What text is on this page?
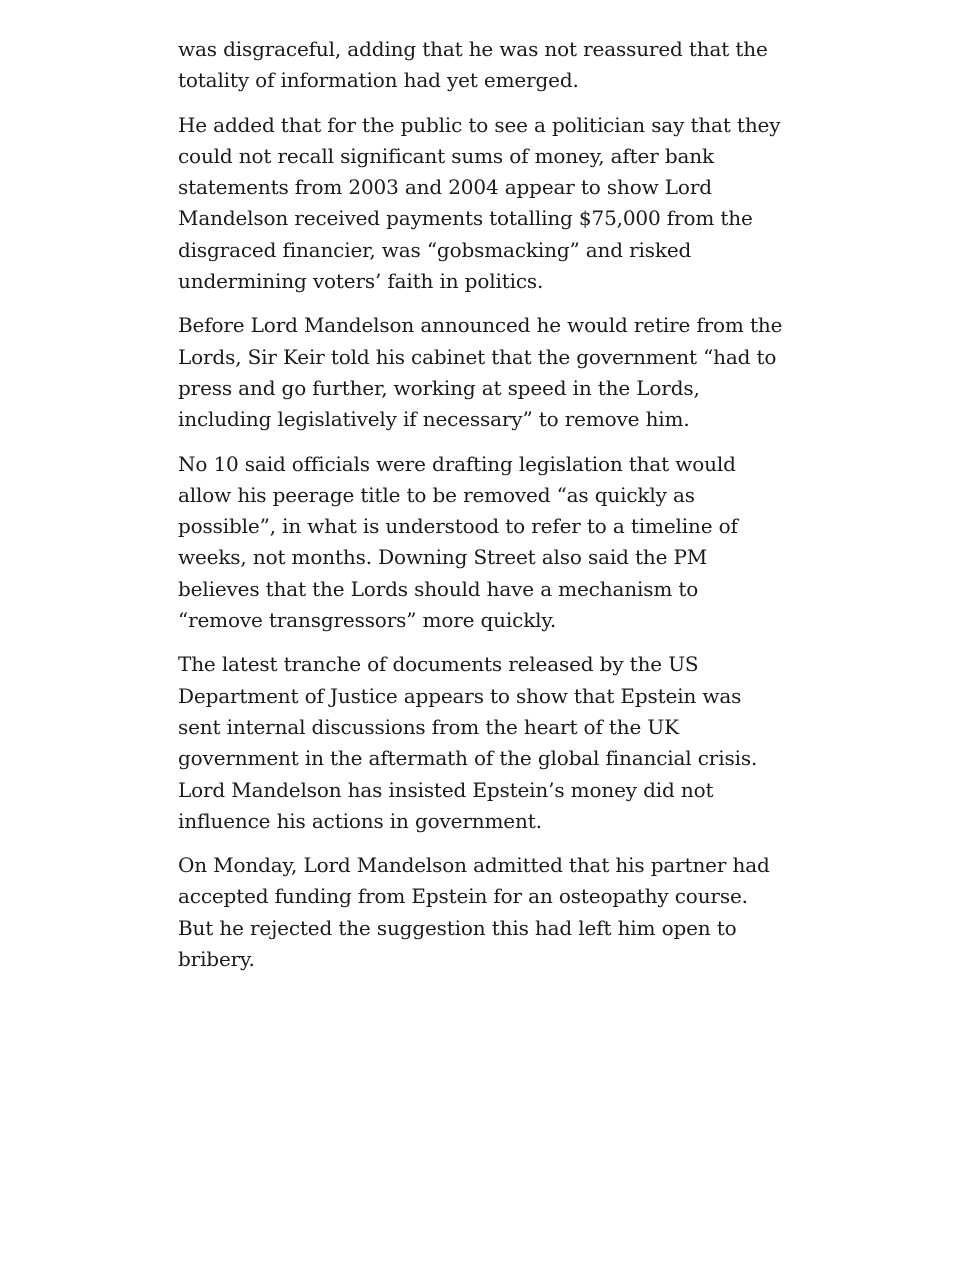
was disgraceful, adding that he was not reassured that the totality of information had yet emerged.

He added that for the public to see a politician say that they could not recall significant sums of money, after bank statements from 2003 and 2004 appear to show Lord Mandelson received payments totalling $75,000 from the disgraced financier, was “gobsmacking” and risked undermining voters’ faith in politics.

Before Lord Mandelson announced he would retire from the Lords, Sir Keir told his cabinet that the government “had to press and go further, working at speed in the Lords, including legislatively if necessary” to remove him.

No 10 said officials were drafting legislation that would allow his peerage title to be removed “as quickly as possible”, in what is understood to refer to a timeline of weeks, not months. Downing Street also said the PM believes that the Lords should have a mechanism to “remove transgressors” more quickly.

The latest tranche of documents released by the US Department of Justice appears to show that Epstein was sent internal discussions from the heart of the UK government in the aftermath of the global financial crisis. Lord Mandelson has insisted Epstein’s money did not influence his actions in government.

On Monday, Lord Mandelson admitted that his partner had accepted funding from Epstein for an osteopathy course. But he rejected the suggestion this had left him open to bribery.
